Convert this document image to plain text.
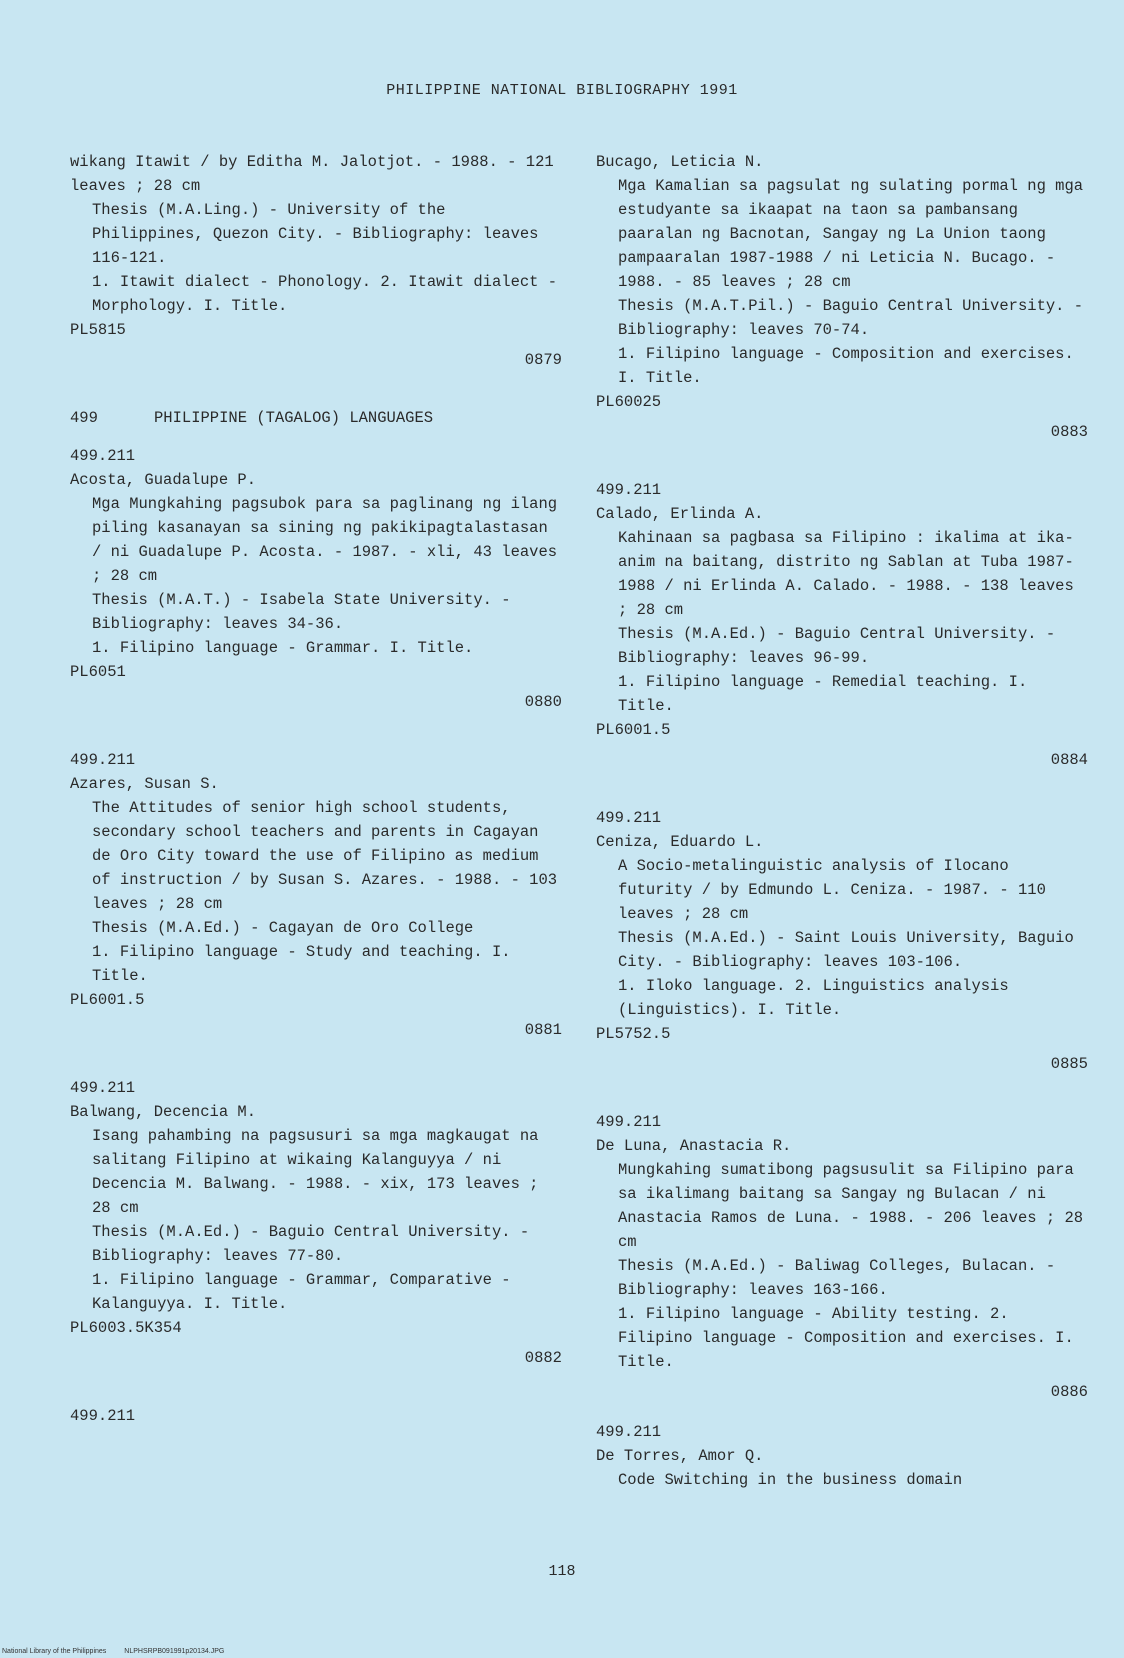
PHILIPPINE NATIONAL BIBLIOGRAPHY 1991

wikang Itawit / by Editha M. Jalotjot. - 1988. - 121 leaves ; 28 cm

Thesis (M.A.Ling.) - University of the Philippines, Quezon City. - Bibliography: leaves 116-121.

1. Itawit dialect - Phonology. 2. Itawit dialect - Morphology. I. Title.

PL5815

0879

499	PHILIPPINE (TAGALOG) LANGUAGES

499.211

Acosta, Guadalupe P.

Mga Mungkahing pagsubok para sa paglinang ng ilang piling kasanayan sa sining ng pakikipagtalastasan / ni Guadalupe P. Acosta. - 1987. - xli, 43 leaves ; 28 cm

Thesis (M.A.T.) - Isabela State University. - Bibliography: leaves 34-36.

1. Filipino language - Grammar. I. Title.

PL6051

0880

499.211

Azares, Susan S.

The Attitudes of senior high school students, secondary school teachers and parents in Cagayan de Oro City toward the use of Filipino as medium of instruction / by Susan S. Azares. - 1988. - 103 leaves ; 28 cm

Thesis (M.A.Ed.) - Cagayan de Oro College

1. Filipino language - Study and teaching. I. Title.

PL6001.5

0881

499.211

Balwang, Decencia M.

Isang pahambing na pagsusuri sa mga magkaugat na salitang Filipino at wikaing Kalanguyya / ni Decencia M. Balwang. - 1988. - xix, 173 leaves ; 28 cm

Thesis (M.A.Ed.) - Baguio Central University. - Bibliography: leaves 77-80.

1. Filipino language - Grammar, Comparative - Kalanguyya. I. Title.

PL6003.5K354

0882

499.211

Bucago, Leticia N.

Mga Kamalian sa pagsulat ng sulating pormal ng mga estudyante sa ikaapat na taon sa pambansang paaralan ng Bacnotan, Sangay ng La Union taong pampaaralan 1987-1988 / ni Leticia N. Bucago. - 1988. - 85 leaves ; 28 cm

Thesis (M.A.T.Pil.) - Baguio Central University. - Bibliography: leaves 70-74.

1. Filipino language - Composition and exercises. I. Title.

PL60025

0883

499.211

Calado, Erlinda A.

Kahinaan sa pagbasa sa Filipino : ikalima at ika-anim na baitang, distrito ng Sablan at Tuba 1987-1988 / ni Erlinda A. Calado. - 1988. - 138 leaves ; 28 cm

Thesis (M.A.Ed.) - Baguio Central University. - Bibliography: leaves 96-99.

1. Filipino language - Remedial teaching. I. Title.

PL6001.5

0884

499.211

Ceniza, Eduardo L.

A Socio-metalinguistic analysis of Ilocano futurity / by Edmundo L. Ceniza. - 1987. - 110 leaves ; 28 cm

Thesis (M.A.Ed.) - Saint Louis University, Baguio City. - Bibliography: leaves 103-106.

1. Iloko language. 2. Linguistics analysis (Linguistics). I. Title.

PL5752.5

0885

499.211

De Luna, Anastacia R.

Mungkahing sumatibong pagsusulit sa Filipino para sa ikalimang baitang sa Sangay ng Bulacan / ni Anastacia Ramos de Luna. - 1988. - 206 leaves ; 28 cm

Thesis (M.A.Ed.) - Baliwag Colleges, Bulacan. - Bibliography: leaves 163-166.

1. Filipino language - Ability testing. 2. Filipino language - Composition and exercises. I. Title.

0886

499.211

De Torres, Amor Q.

Code Switching in the business domain

118
National Library of the Philippines	NLPHSRPB091991p20134.JPG
